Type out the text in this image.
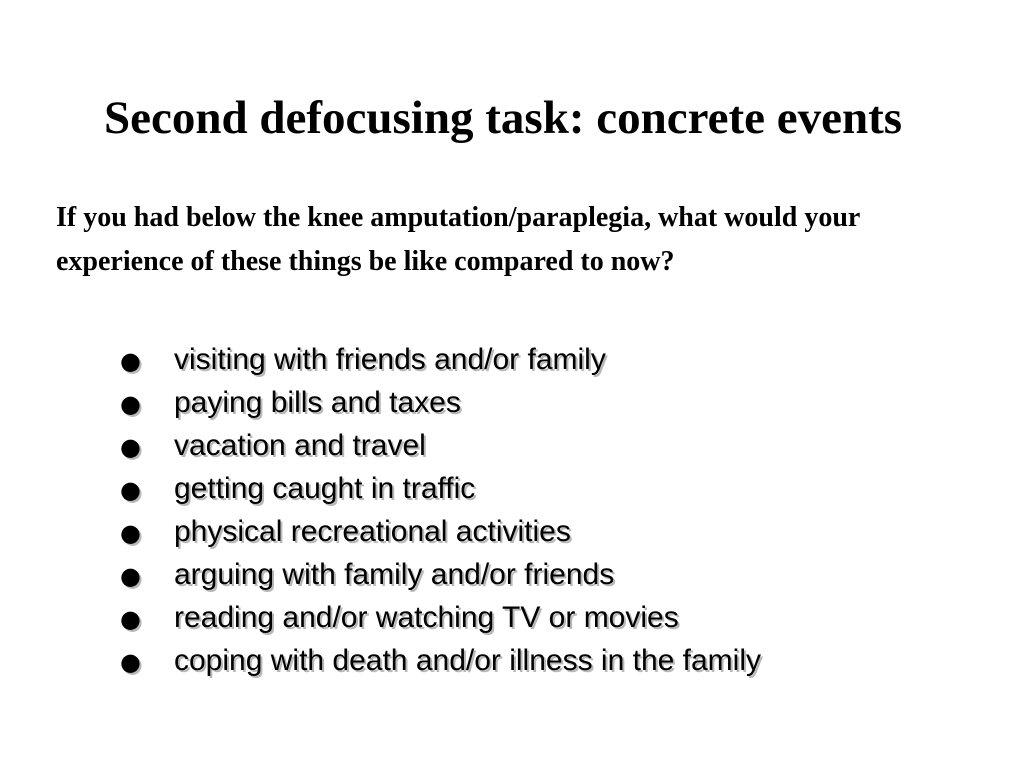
Second defocusing task: concrete events

If you had below the knee amputation/paraplegia, what would your experience of these things be like compared to now?

●	visiting with friends and/or family
●	paying bills and taxes
●	vacation and travel
●	getting caught in traffic
●	physical recreational activities
●	arguing with family and/or friends
●	reading and/or watching TV or movies
●	coping with death and/or illness in the family
